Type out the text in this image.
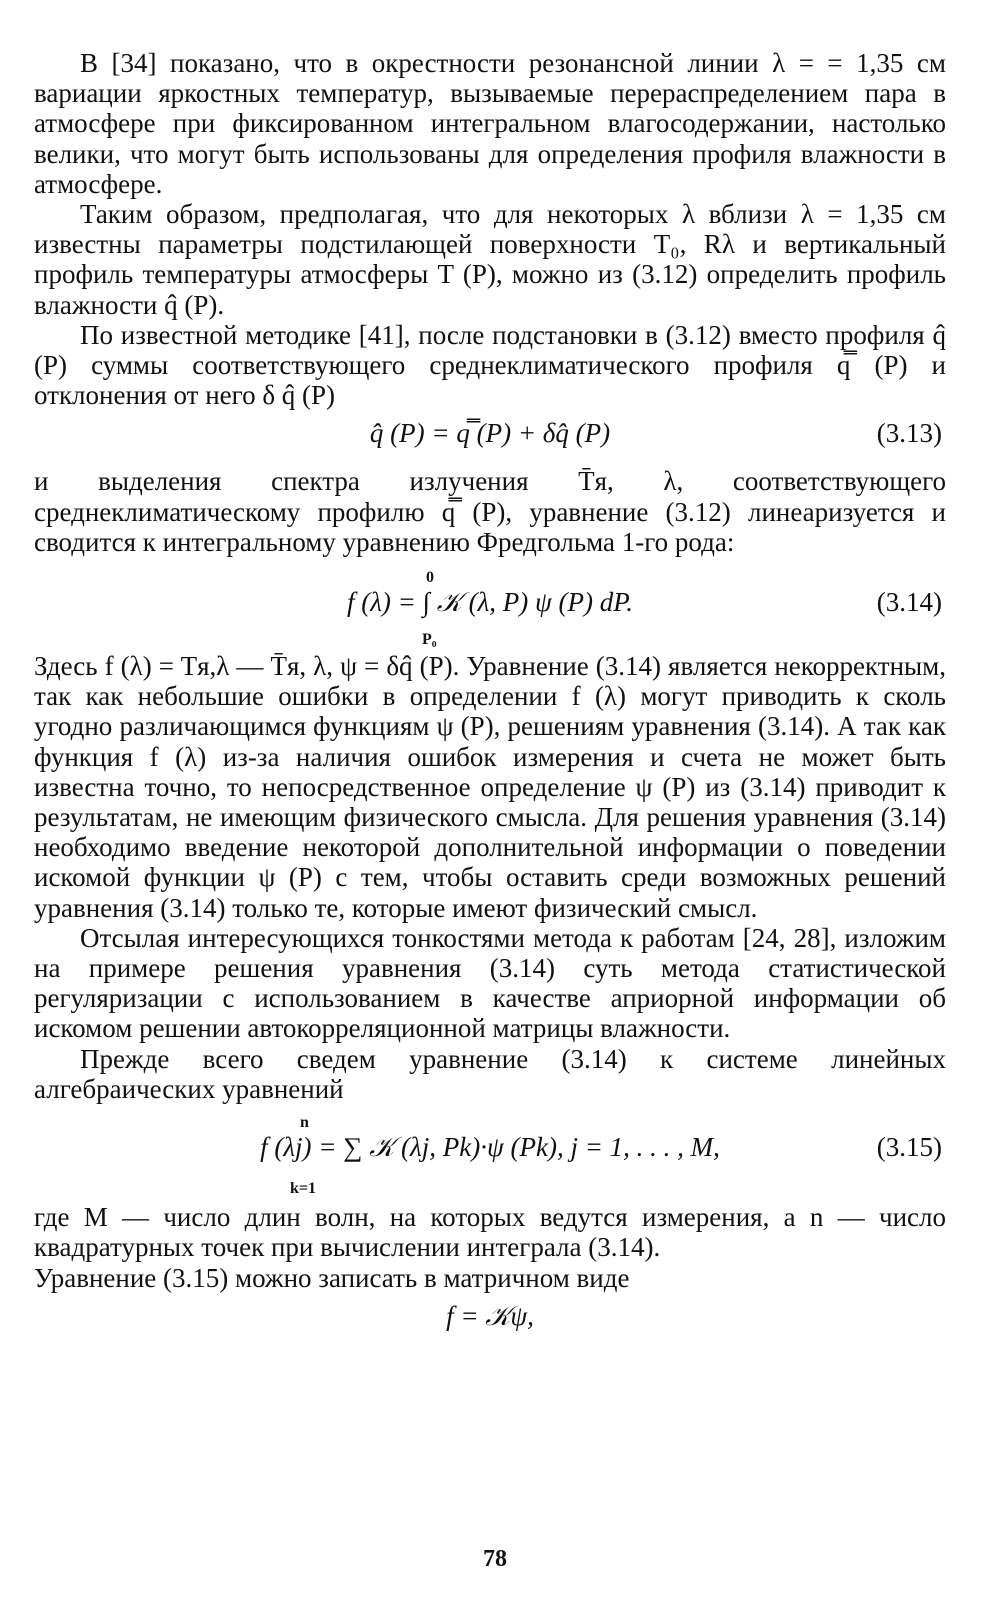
В [34] показано, что в окрестности резонансной линии λ = = 1,35 см вариации яркостных температур, вызываемые перераспределением пара в атмосфере при фиксированном интегральном влагосодержании, настолько велики, что могут быть использованы для определения профиля влажности в атмосфере.

Таким образом, предполагая, что для некоторых λ вблизи λ = 1,35 см известны параметры подстилающей поверхности T₀, Rλ и вертикальный профиль температуры атмосферы T (P), можно из (3.12) определить профиль влажности q̂ (P).

По известной методике [41], после подстановки в (3.12) вместо профиля q̂ (P) суммы соответствующего среднеклиматического профиля q̿ (P) и отклонения от него δ q̂ (P)

q̂ (P) = q̿ (P) + δq̂ (P)	(3.13)

и выделения спектра излучения T̄я, λ, соответствующего среднеклиматическому профилю q̿ (P), уравнение (3.12) линеаризуется и сводится к интегральному уравнению Фредгольма 1-го рода:

0
P₀
f (λ) = ∫ 𝒦 (λ, P) ψ (P) dP.	(3.14)

Здесь f (λ) = Tя,λ — T̄я, λ, ψ = δq̂ (P). Уравнение (3.14) является некорректным, так как небольшие ошибки в определении f (λ) могут приводить к сколь угодно различающимся функциям ψ (P), решениям уравнения (3.14). А так как функция f (λ) из-за наличия ошибок измерения и счета не может быть известна точно, то непосредственное определение ψ (P) из (3.14) приводит к результатам, не имеющим физического смысла. Для решения уравнения (3.14) необходимо введение некоторой дополнительной информации о поведении искомой функции ψ (P) с тем, чтобы оставить среди возможных решений уравнения (3.14) только те, которые имеют физический смысл.

Отсылая интересующихся тонкостями метода к работам [24, 28], изложим на примере решения уравнения (3.14) суть метода статистической регуляризации с использованием в качестве априорной информации об искомом решении автокорреляционной матрицы влажности.

Прежде всего сведем уравнение (3.14) к системе линейных алгебраических уравнений

n
k=1
f (λj) = ∑ 𝒦 (λj, Pk)·ψ (Pk), j = 1, . . . , M,	(3.15)

где M — число длин волн, на которых ведутся измерения, а n — число квадратурных точек при вычислении интеграла (3.14).

Уравнение (3.15) можно записать в матричном виде

f = 𝒦ψ,
78
